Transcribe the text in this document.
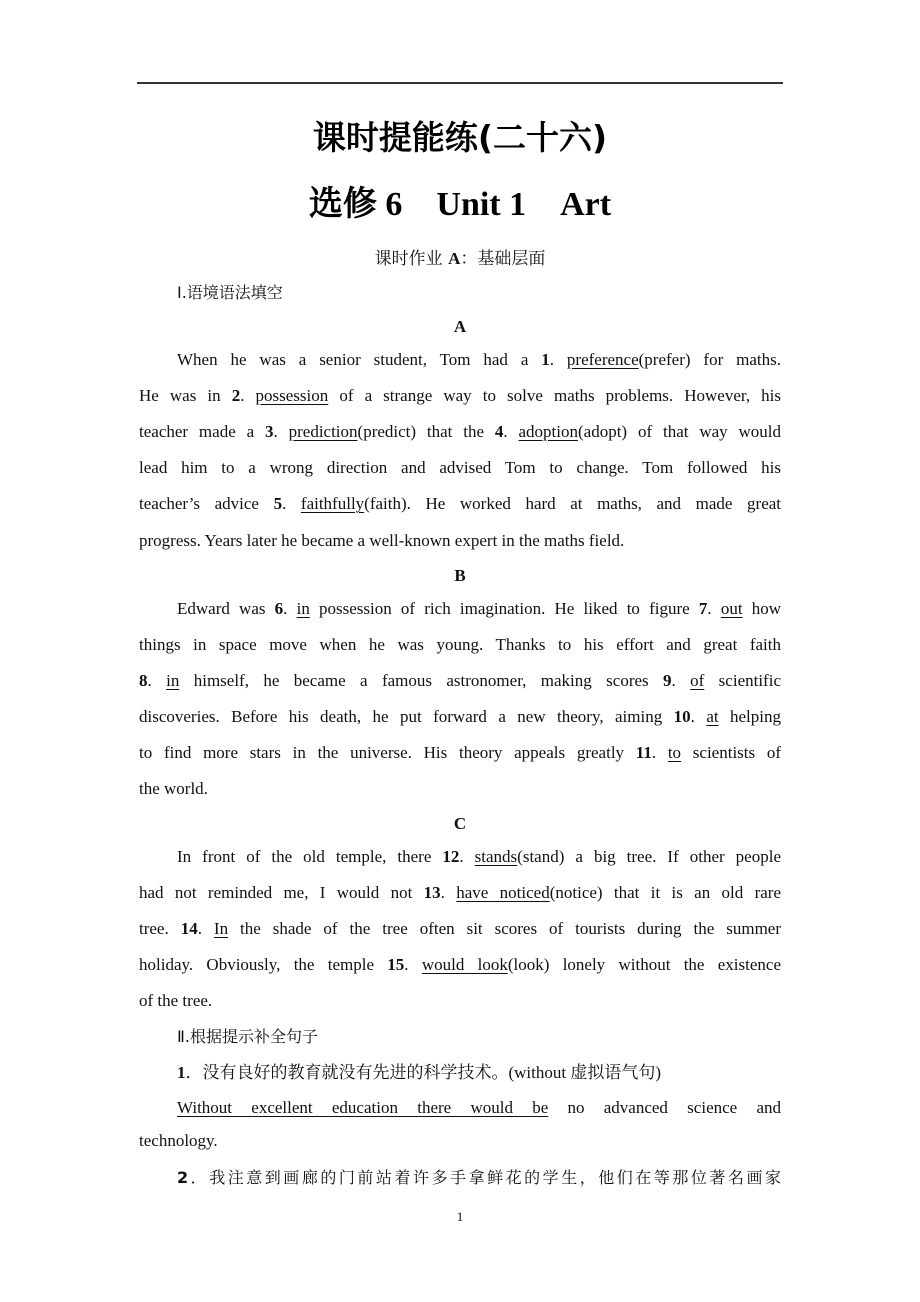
课时提能练(二十六)
选修 6　Unit 1　Art
课时作业 A：基础层面
Ⅰ.语境语法填空
A
When he was a senior student, Tom had a 1. preference(prefer) for maths.
He was in 2. possession of a strange way to solve maths problems. However, his
teacher made a 3. prediction(predict) that the 4. adoption(adopt) of that way would
lead him to a wrong direction and advised Tom to change. Tom followed his
teacher’s advice 5. faithfully(faith). He worked hard at maths, and made great
progress. Years later he became a well-known expert in the maths field.
B
Edward was 6. in possession of rich imagination. He liked to figure 7. out how
things in space move when he was young. Thanks to his effort and great faith
8. in himself, he became a famous astronomer, making scores 9. of scientific
discoveries. Before his death, he put forward a new theory, aiming 10. at helping
to find more stars in the universe. His theory appeals greatly 11. to scientists of
the world.
C
In front of the old temple, there 12. stands(stand) a big tree. If other people
had not reminded me, I would not 13. have noticed(notice) that it is an old rare
tree. 14. In the shade of the tree often sit scores of tourists during the summer
holiday. Obviously, the temple 15. would look(look) lonely without the existence
of the tree.
Ⅱ.根据提示补全句子
1．没有良好的教育就没有先进的科学技术。(without 虚拟语气句)
Without excellent education there would be no advanced science and
technology.
2．我注意到画廊的门前站着许多手拿鲜花的学生，他们在等那位著名画家
1
